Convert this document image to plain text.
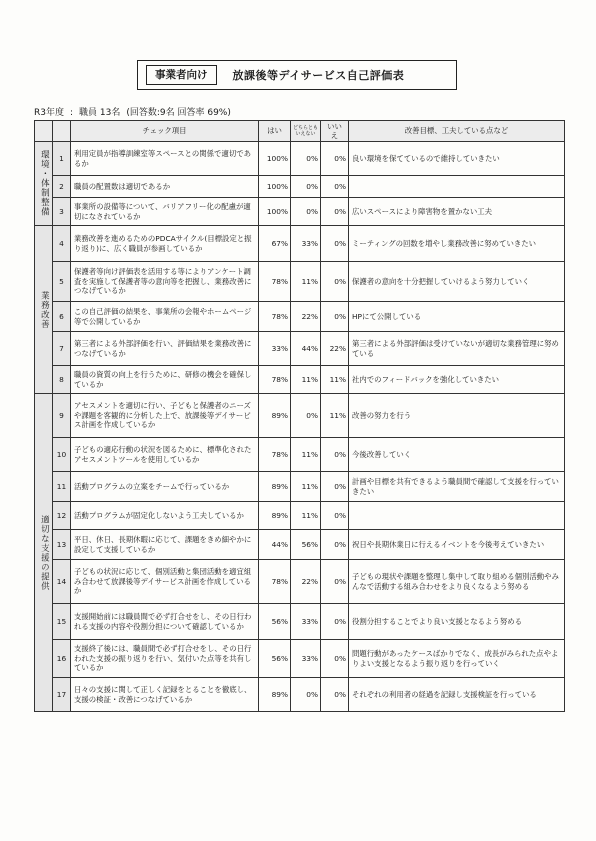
事業者向け	放課後等デイサービス自己評価表
R3年度 : 職員 13名 (回答数:9名 回答率 69%)
		チェック項目	はい	どちらとも いえない	いいえ	改善目標、工夫している点など
環境・体制整備	1	利用定員が指導訓練室等スペースとの関係で適切であるか	100%	0%	0%	良い環境を保てているので維持していきたい
	2	職員の配置数は適切であるか	100%	0%	0%	
	3	事業所の設備等について、バリアフリー化の配慮が適切になされているか	100%	0%	0%	広いスペースにより障害物を置かない工夫
業務改善	4	業務改善を進めるためのPDCAサイクル(目標設定と振り返り)に、広く職員が参画しているか	67%	33%	0%	ミーティングの回数を増やし業務改善に努めていきたい
	5	保護者等向け評価表を活用する等によりアンケート調査を実施して保護者等の意向等を把握し、業務改善につなげているか	78%	11%	0%	保護者の意向を十分把握していけるよう努力していく
	6	この自己評価の結果を、事業所の会報やホームページ等で公開しているか	78%	22%	0%	HPにて公開している
	7	第三者による外部評価を行い、評価結果を業務改善につなげているか	33%	44%	22%	第三者による外部評価は受けていないが適切な業務管理に努めている
	8	職員の資質の向上を行うために、研修の機会を確保しているか	78%	11%	11%	社内でのフィードバックを強化していきたい
適切な支援の提供	9	アセスメントを適切に行い、子どもと保護者のニーズや課題を客観的に分析した上で、放課後等デイサービス計画を作成しているか	89%	0%	11%	改善の努力を行う
	10	子どもの適応行動の状況を図るために、標準化されたアセスメントツールを使用しているか	78%	11%	0%	今後改善していく
	11	活動プログラムの立案をチームで行っているか	89%	11%	0%	計画や目標を共有できるよう職員間で確認して支援を行っていきたい
	12	活動プログラムが固定化しないよう工夫しているか	89%	11%	0%	
	13	平日、休日、長期休暇に応じて、課題をきめ細やかに設定して支援しているか	44%	56%	0%	祝日や長期休業日に行えるイベントを今後考えていきたい
	14	子どもの状況に応じて、個別活動と集団活動を適宜組み合わせて放課後等デイサービス計画を作成しているか	78%	22%	0%	子どもの現状や課題を整理し集中して取り組める個別活動やみんなで活動する組み合わせをより良くなるよう努める
	15	支援開始前には職員間で必ず打合せをし、その日行われる支援の内容や役割分担について確認しているか	56%	33%	0%	役割分担することでより良い支援となるよう努める
	16	支援終了後には、職員間で必ず打合せをし、その日行われた支援の振り返りを行い、気付いた点等を共有しているか	56%	33%	0%	問題行動があったケースばかりでなく、成長がみられた点やよりよい支援となるよう振り返りを行っていく
	17	日々の支援に関して正しく記録をとることを徹底し、支援の検証・改善につなげているか	89%	0%	0%	それぞれの利用者の経過を記録し支援検証を行っている
